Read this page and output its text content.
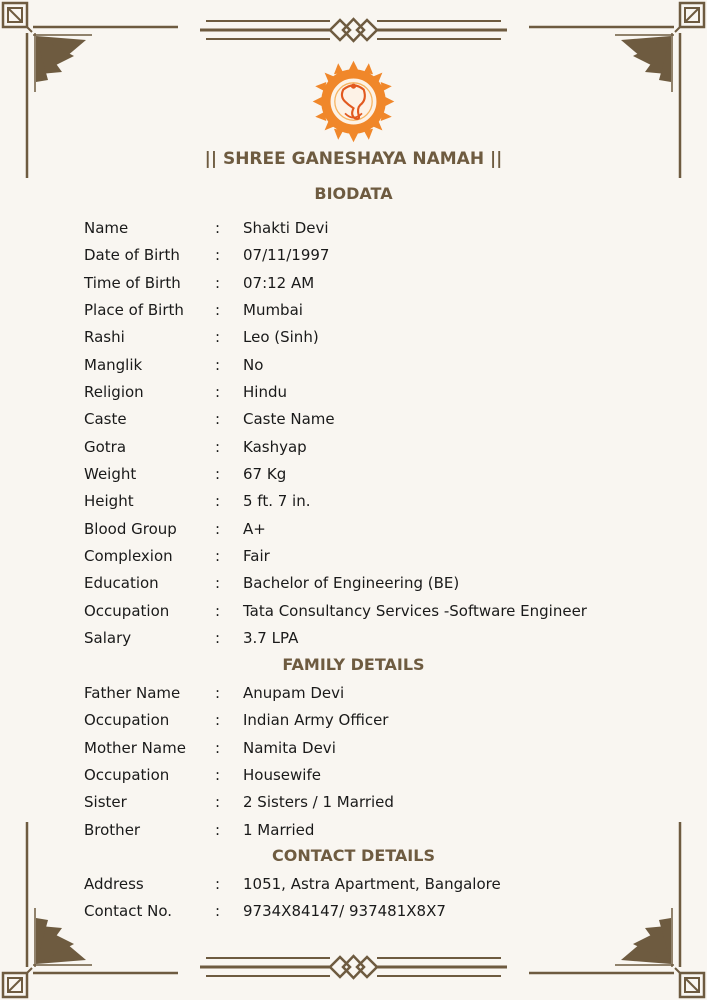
|| SHREE GANESHAYA NAMAH ||
BIODATA
Name	: Shakti Devi
Date of Birth : 07/11/1997
Time of Birth : 07:12 AM
Place of Birth : Mumbai
Rashi	: Leo (Sinh)
Manglik	: No
Religion	: Hindu
Caste	: Caste Name
Gotra	: Kashyap
Weight	: 67 Kg
Height	: 5 ft. 7 in.
Blood Group	: A+
Complexion	: Fair
Education	: Bachelor of Engineering (BE)
Occupation	: Tata Consultancy Services -Software Engineer
Salary	: 3.7 LPA
FAMILY DETAILS
Father Name : Anupam Devi
Occupation	: Indian Army Officer
Mother Name : Namita Devi
Occupation	: Housewife
Sister	: 2 Sisters / 1 Married
Brother	: 1 Married
CONTACT DETAILS
Address	: 1051, Astra Apartment, Bangalore
Contact No.	: 9734X84147/ 937481X8X7
